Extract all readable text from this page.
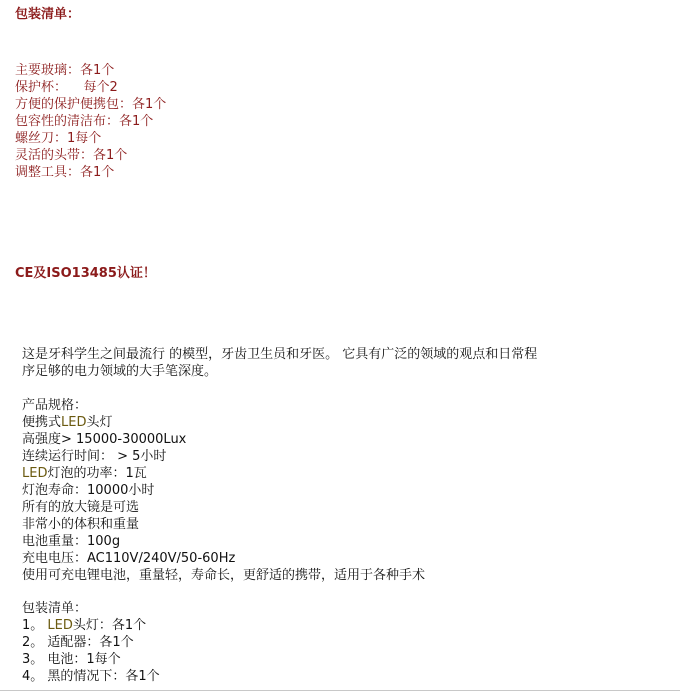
包装清单：
主要玻璃：各1个
保护杯：    每个2
方便的保护便携包：各1个
包容性的清洁布：各1个
螺丝刀：1每个
灵活的头带：各1个
调整工具：各1个
CE及ISO13485认证！
这是牙科学生之间最流行 的模型，牙齿卫生员和牙医。 它具有广泛的领域的观点和日常程
序足够的电力领域的大手笔深度。
产品规格：
便携式LED头灯
高强度> 15000-30000Lux
连续运行时间： > 5小时
LED灯泡的功率：1瓦
灯泡寿命：10000小时
所有的放大镜是可选
非常小的体积和重量
电池重量：100g
充电电压：AC110V/240V/50-60Hz
使用可充电锂电池，重量轻，寿命长，更舒适的携带，适用于各种手术
包装清单：
1。 LED头灯：各1个
2。 适配器：各1个
3。 电池：1每个
4。 黑的情况下：各1个
